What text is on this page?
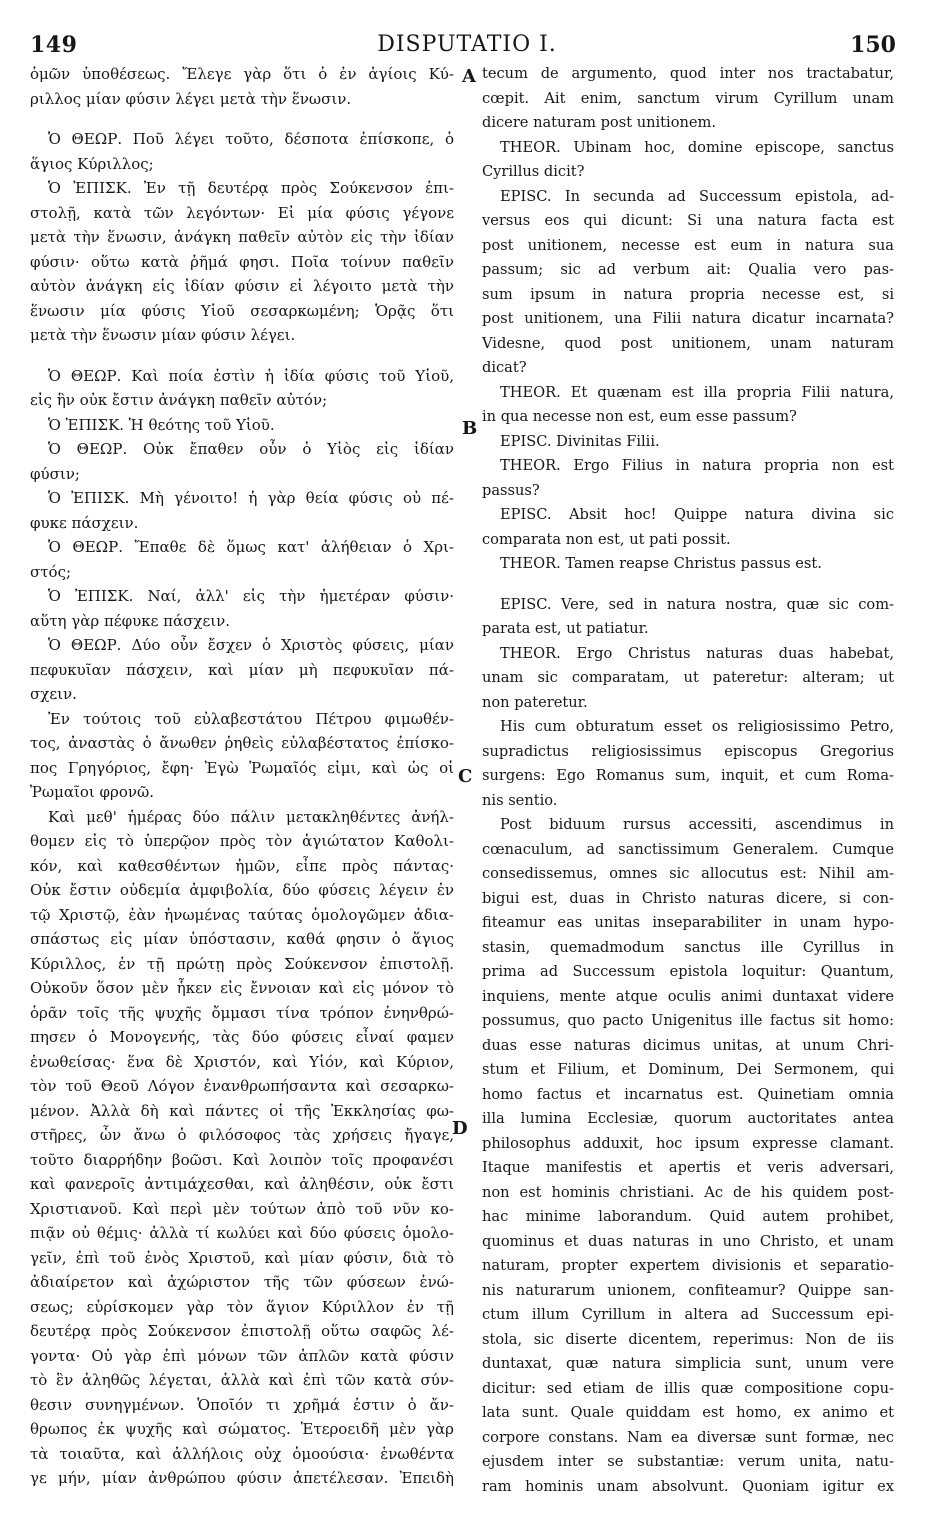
149	DISPUTATIO I.	150
A
B
C
D
ὁμῶν ὑποθέσεως. Ἔλεγε γὰρ ὅτι ὁ ἐν ἁγίοις Κύ-
ριλλος μίαν φύσιν λέγει μετὰ τὴν ἕνωσιν.
Ὁ ΘΕΩΡ. Ποῦ λέγει τοῦτο, δέσποτα ἐπίσκοπε, ὁ
ἅγιος Κύριλλος;
Ὁ ἘΠΙΣΚ. Ἐν τῇ δευτέρᾳ πρὸς Σούκενσον ἐπι-
στολῇ, κατὰ τῶν λεγόντων· Εἰ μία φύσις γέγονε
μετὰ τὴν ἕνωσιν, ἀνάγκη παθεῖν αὐτὸν εἰς τὴν ἰδίαν
φύσιν· οὕτω κατὰ ῥῆμά φησι. Ποῖα τοίνυν παθεῖν
αὐτὸν ἀνάγκη εἰς ἰδίαν φύσιν εἰ λέγοιτο μετὰ τὴν
ἕνωσιν μία φύσις Υἱοῦ σεσαρκωμένη; Ὁρᾷς ὅτι
μετὰ τὴν ἕνωσιν μίαν φύσιν λέγει.
Ὁ ΘΕΩΡ. Καὶ ποία ἐστὶν ἡ ἰδία φύσις τοῦ Υἱοῦ,
εἰς ἣν οὐκ ἔστιν ἀνάγκη παθεῖν αὐτόν;
Ὁ ἘΠΙΣΚ. Ἡ θεότης τοῦ Υἱοῦ.
Ὁ ΘΕΩΡ. Οὐκ ἔπαθεν οὖν ὁ Υἱὸς εἰς ἰδίαν
φύσιν;
Ὁ ἘΠΙΣΚ. Μὴ γένοιτο! ἡ γὰρ θεία φύσις οὐ πέ-
φυκε πάσχειν.
Ὁ ΘΕΩΡ. Ἔπαθε δὲ ὅμως κατ' ἀλήθειαν ὁ Χρι-
στός;
Ὁ ἘΠΙΣΚ. Ναί, ἀλλ' εἰς τὴν ἡμετέραν φύσιν·
αὕτη γὰρ πέφυκε πάσχειν.
Ὁ ΘΕΩΡ. Δύο οὖν ἔσχεν ὁ Χριστὸς φύσεις, μίαν
πεφυκυῖαν πάσχειν, καὶ μίαν μὴ πεφυκυῖαν πά-
σχειν.
Ἐν τούτοις τοῦ εὐλαβεστάτου Πέτρου φιμωθέν-
τος, ἀναστὰς ὁ ἄνωθεν ῥηθεὶς εὐλαβέστατος ἐπίσκο-
πος Γρηγόριος, ἔφη· Ἐγὼ Ῥωμαῖός εἰμι, καὶ ὡς οἱ
Ῥωμαῖοι φρονῶ.
Καὶ μεθ' ἡμέρας δύο πάλιν μετακληθέντες ἀνήλ-
θομεν εἰς τὸ ὑπερῷον πρὸς τὸν ἁγιώτατον Καθολι-
κόν, καὶ καθεσθέντων ἡμῶν, εἶπε πρὸς πάντας·
Οὐκ ἔστιν οὐδεμία ἀμφιβολία, δύο φύσεις λέγειν ἐν
τῷ Χριστῷ, ἐὰν ἡνωμένας ταύτας ὁμολογῶμεν ἀδια-
σπάστως εἰς μίαν ὑπόστασιν, καθά φησιν ὁ ἅγιος
Κύριλλος, ἐν τῇ πρώτῃ πρὸς Σούκενσον ἐπιστολῇ.
Οὐκοῦν ὅσον μὲν ἧκεν εἰς ἔννοιαν καὶ εἰς μόνον τὸ
ὁρᾶν τοῖς τῆς ψυχῆς ὄμμασι τίνα τρόπον ἐνηνθρώ-
πησεν ὁ Μονογενής, τὰς δύο φύσεις εἶναί φαμεν
ἑνωθείσας· ἕνα δὲ Χριστόν, καὶ Υἱόν, καὶ Κύριον,
τὸν τοῦ Θεοῦ Λόγον ἐνανθρωπήσαντα καὶ σεσαρκω-
μένον. Ἀλλὰ δὴ καὶ πάντες οἱ τῆς Ἐκκλησίας φω-
στῆρες, ὧν ἄνω ὁ φιλόσοφος τὰς χρήσεις ἤγαγε,
τοῦτο διαρρήδην βοῶσι. Καὶ λοιπὸν τοῖς προφανέσι
καὶ φανεροῖς ἀντιμάχεσθαι, καὶ ἀληθέσιν, οὐκ ἔστι
Χριστιανοῦ. Καὶ περὶ μὲν τούτων ἀπὸ τοῦ νῦν κο-
πιᾷν οὐ θέμις· ἀλλὰ τί κωλύει καὶ δύο φύσεις ὁμολο-
γεῖν, ἐπὶ τοῦ ἑνὸς Χριστοῦ, καὶ μίαν φύσιν, διὰ τὸ
ἀδιαίρετον καὶ ἀχώριστον τῆς τῶν φύσεων ἑνώ-
σεως; εὑρίσκομεν γὰρ τὸν ἅγιον Κύριλλον ἐν τῇ
δευτέρᾳ πρὸς Σούκενσον ἐπιστολῇ οὕτω σαφῶς λέ-
γοντα· Οὐ γὰρ ἐπὶ μόνων τῶν ἁπλῶν κατὰ φύσιν
τὸ ἓν ἀληθῶς λέγεται, ἀλλὰ καὶ ἐπὶ τῶν κατὰ σύν-
θεσιν συνηγμένων. Ὁποῖόν τι χρῆμά ἐστιν ὁ ἄν-
θρωπος ἐκ ψυχῆς καὶ σώματος. Ἑτεροειδῆ μὲν γὰρ
τὰ τοιαῦτα, καὶ ἀλλήλοις οὐχ ὁμοούσια· ἑνωθέντα
γε μήν, μίαν ἀνθρώπου φύσιν ἀπετέλεσαν. Ἐπειδὴ
tecum de argumento, quod inter nos tractabatur,
cœpit. Ait enim, sanctum virum Cyrillum unam
dicere naturam post unitionem.
THEOR. Ubinam hoc, domine episcope, sanctus
Cyrillus dicit?
EPISC. In secunda ad Successum epistola, ad-
versus eos qui dicunt: Si una natura facta est
post unitionem, necesse est eum in natura sua
passum; sic ad verbum ait: Qualia vero pas-
sum ipsum in natura propria necesse est, si
post unitionem, una Filii natura dicatur incarnata?
Videsne, quod post unitionem, unam naturam
dicat?
THEOR. Et quænam est illa propria Filii natura,
in qua necesse non est, eum esse passum?
EPISC. Divinitas Filii.
THEOR. Ergo Filius in natura propria non est
passus?
EPISC. Absit hoc! Quippe natura divina sic
comparata non est, ut pati possit.
THEOR. Tamen reapse Christus passus est.
EPISC. Vere, sed in natura nostra, quæ sic com-
parata est, ut patiatur.
THEOR. Ergo Christus naturas duas habebat,
unam sic comparatam, ut pateretur: alteram; ut
non pateretur.
His cum obturatum esset os religiosissimo Petro,
supradictus religiosissimus episcopus Gregorius
surgens: Ego Romanus sum, inquit, et cum Roma-
nis sentio.
Post biduum rursus accessiti, ascendimus in
cœnaculum, ad sanctissimum Generalem. Cumque
consedissemus, omnes sic allocutus est: Nihil am-
bigui est, duas in Christo naturas dicere, si con-
fiteamur eas unitas inseparabiliter in unam hypo-
stasin, quemadmodum sanctus ille Cyrillus in
prima ad Successum epistola loquitur: Quantum,
inquiens, mente atque oculis animi duntaxat videre
possumus, quo pacto Unigenitus ille factus sit homo:
duas esse naturas dicimus unitas, at unum Chri-
stum et Filium, et Dominum, Dei Sermonem, qui
homo factus et incarnatus est. Quinetiam omnia
illa lumina Ecclesiæ, quorum auctoritates antea
philosophus adduxit, hoc ipsum expresse clamant.
Itaque manifestis et apertis et veris adversari,
non est hominis christiani. Ac de his quidem post-
hac minime laborandum. Quid autem prohibet,
quominus et duas naturas in uno Christo, et unam
naturam, propter expertem divisionis et separatio-
nis naturarum unionem, confiteamur? Quippe san-
ctum illum Cyrillum in altera ad Successum epi-
stola, sic diserte dicentem, reperimus: Non de iis
duntaxat, quæ natura simplicia sunt, unum vere
dicitur: sed etiam de illis quæ compositione copu-
lata sunt. Quale quiddam est homo, ex animo et
corpore constans. Nam ea diversæ sunt formæ, nec
ejusdem inter se substantiæ: verum unita, natu-
ram hominis unam absolvunt. Quoniam igitur ex
